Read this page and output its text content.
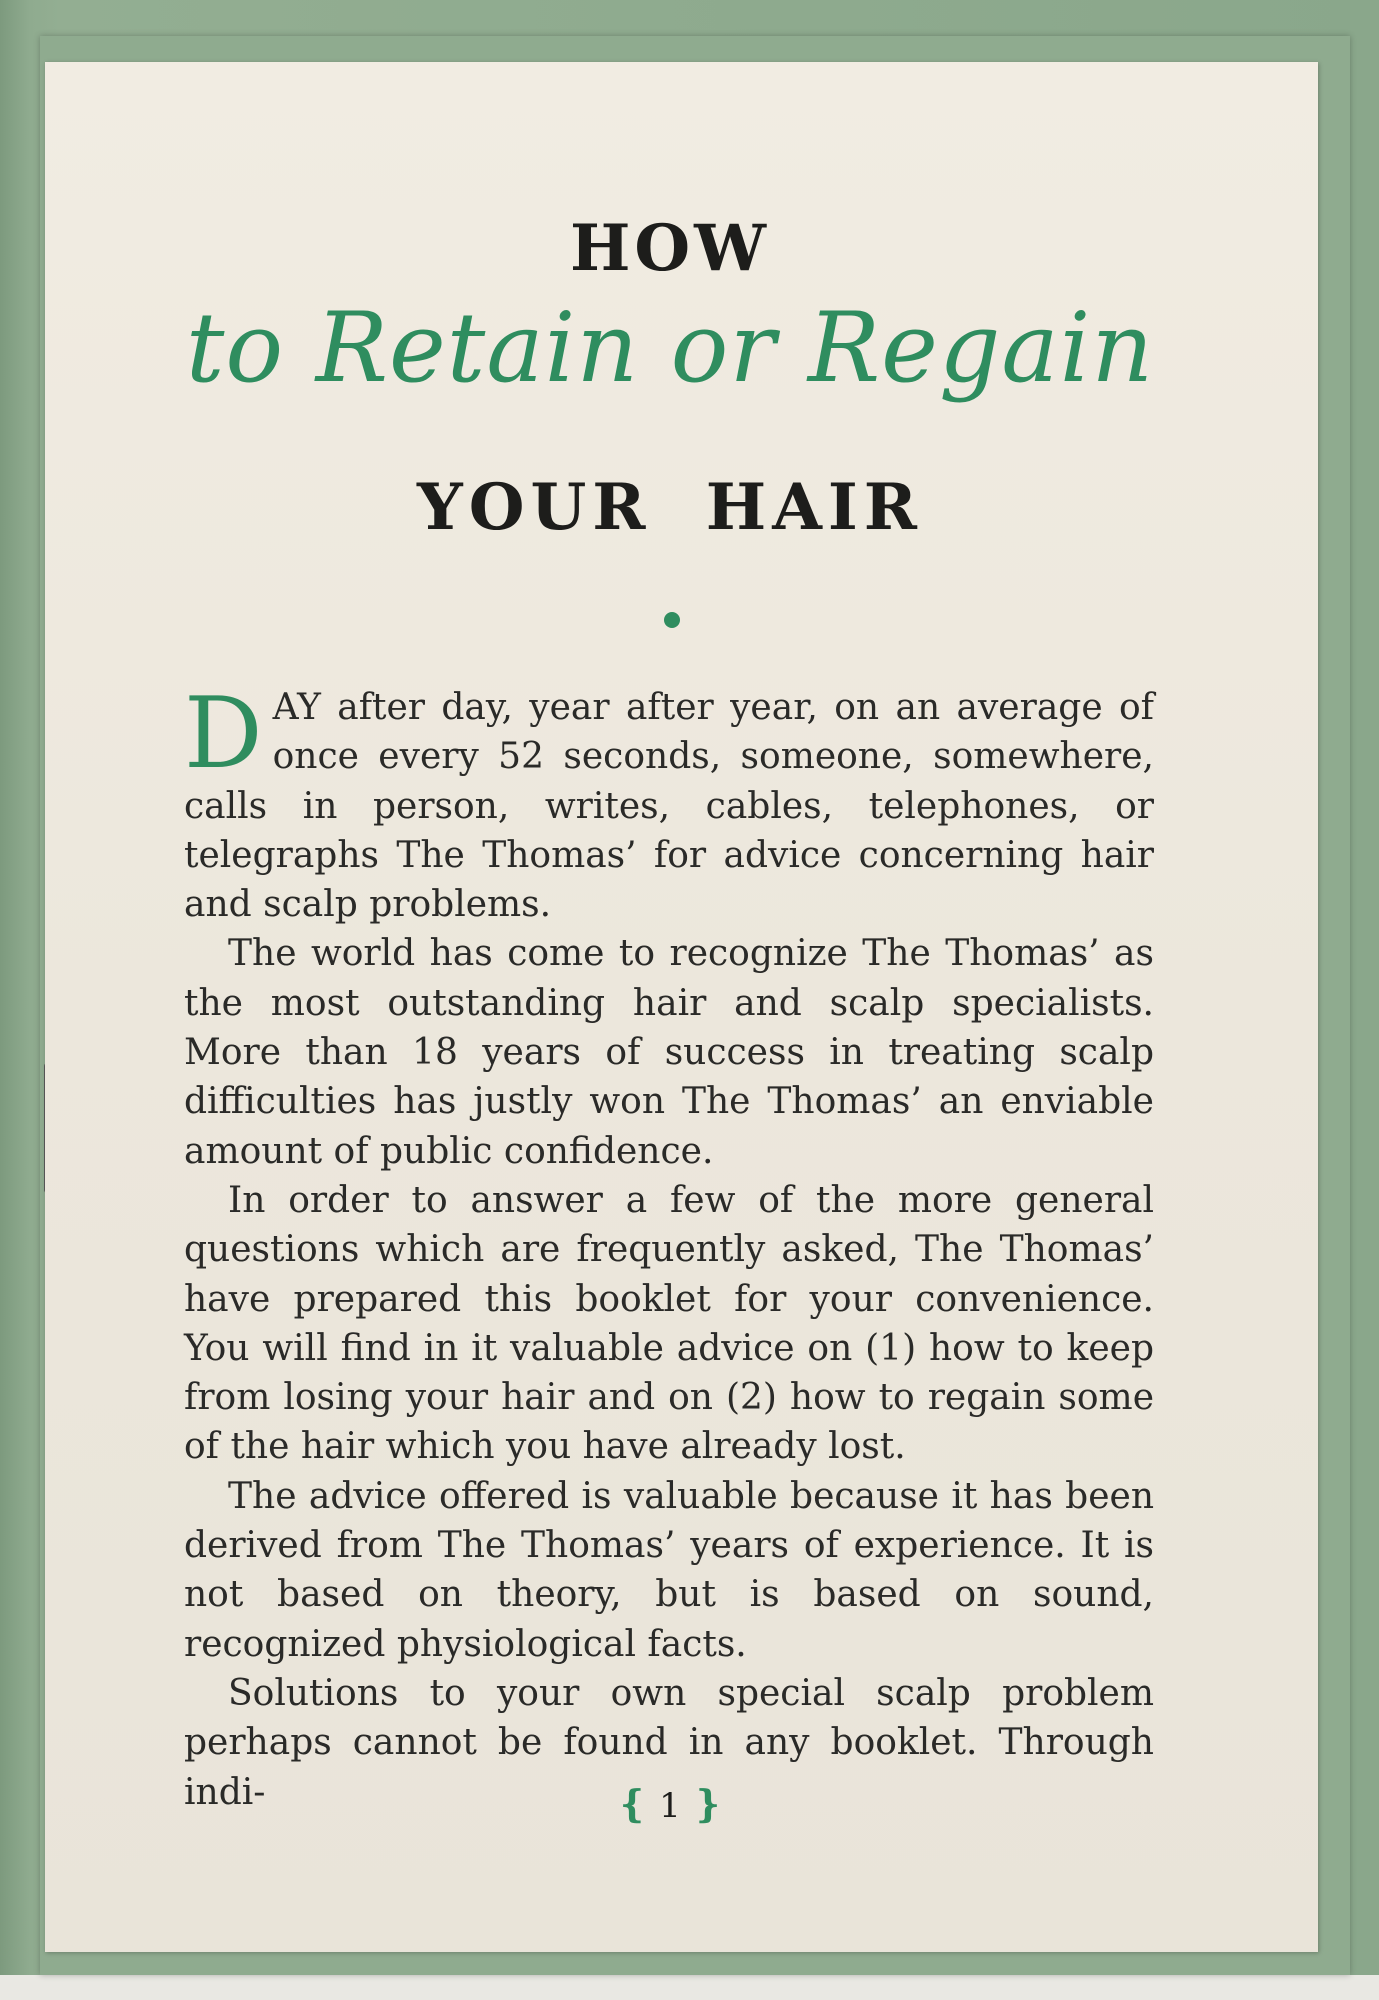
HOW
to Retain or Regain
YOUR HAIR

DAY after day, year after year, on an average of once every 52 seconds, someone, somewhere, calls in person, writes, cables, telephones, or telegraphs The Thomas’ for advice concerning hair and scalp problems.

The world has come to recognize The Thomas’ as the most outstanding hair and scalp specialists. More than 18 years of success in treating scalp difficulties has justly won The Thomas’ an enviable amount of public confidence.

In order to answer a few of the more general questions which are frequently asked, The Thomas’ have prepared this booklet for your convenience. You will find in it valuable advice on (1) how to keep from losing your hair and on (2) how to regain some of the hair which you have already lost.

The advice offered is valuable because it has been derived from The Thomas’ years of experience. It is not based on theory, but is based on sound, recognized physiological facts.

Solutions to your own special scalp problem perhaps cannot be found in any booklet. Through indi-	❴ 1 ❵
